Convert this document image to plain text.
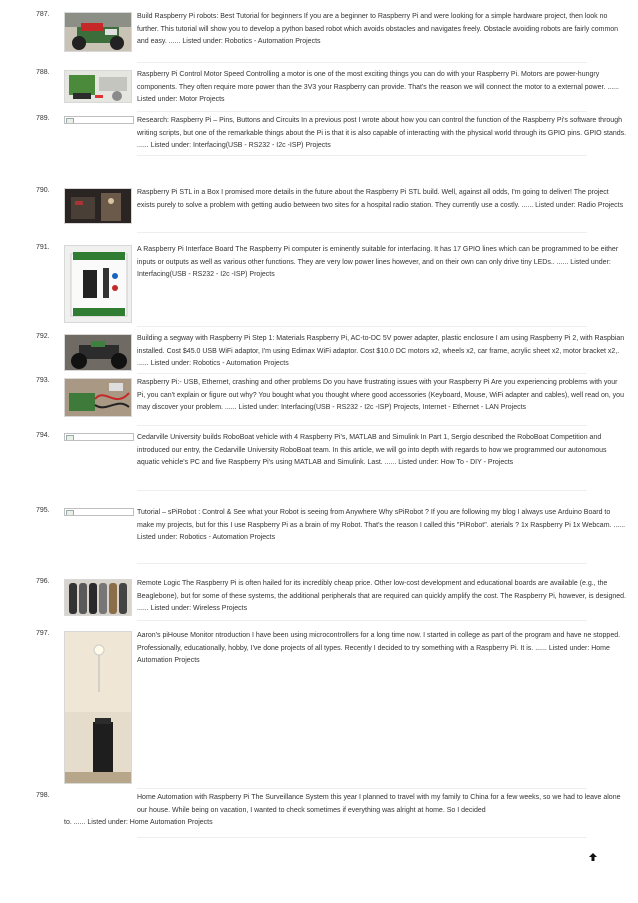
787.	Build Raspberry Pi robots: Best Tutorial for beginners If you are a beginner to Raspberry Pi and were looking for a simple hardware project, then look no further. This tutorial will show you to develop a python based robot which avoids obstacles and navigates freely. Obstacle avoiding robots are fairly common and easy. ...... Listed under: Robotics - Automation Projects
788.	Raspberry Pi Control Motor Speed Controlling a motor is one of the most exciting things you can do with your Raspberry Pi. Motors are power-hungry components. They often require more power than the 3V3 your Raspberry can provide. That's the reason we will connect the motor to a external power. ...... Listed under: Motor Projects
789.	Research: Raspberry Pi – Pins, Buttons and Circuits In a previous post I wrote about how you can control the function of the Raspberry Pi's software through writing scripts, but one of the remarkable things about the Pi is that it is also capable of interacting with the physical world through its GPIO pins. GPIO stands. ...... Listed under: Interfacing(USB - RS232 - I2c -ISP) Projects
790.	Raspberry Pi STL in a Box I promised more details in the future about the Raspberry Pi STL build. Well, against all odds, I'm going to deliver! The project exists purely to solve a problem with getting audio between two sites for a hospital radio station. They currently use a costly. ...... Listed under: Radio Projects
791.	A Raspberry Pi Interface Board The Raspberry Pi computer is eminently suitable for interfacing. It has 17 GPIO lines which can be programmed to be either inputs or outputs as well as various other functions. They are very low power lines however, and on their own can only drive tiny LEDs.. ...... Listed under: Interfacing(USB - RS232 - I2c -ISP) Projects
792.	Building a segway with Raspberry Pi Step 1: Materials Raspberry Pi, AC-to-DC 5V power adapter, plastic enclosure I am using Raspberry Pi 2, with Raspbian installed. Cost $45.0 USB WiFi adaptor, I'm using Edimax WiFi adaptor. Cost $10.0 DC motors x2, wheels x2, car frame, acrylic sheet x2, motor bracket x2,. ...... Listed under: Robotics - Automation Projects
793.	Raspberry Pi:- USB, Ethernet, crashing and other problems Do you have frustrating issues with your Raspberry Pi Are you experiencing problems with your Pi, you can't explain or figure out why? You bought what you thought where good accessories (Keyboard, Mouse, WiFi adapter and cables), well read on, you may discover your problem. ...... Listed under: Interfacing(USB - RS232 - I2c -ISP) Projects, Internet - Ethernet - LAN Projects
794.	Cedarville University builds RoboBoat vehicle with 4 Raspberry Pi's, MATLAB and Simulink In Part 1, Sergio described the RoboBoat Competition and introduced our entry, the Cedarville University RoboBoat team. In this article, we will go into depth with regards to how we programmed our autonomous aquatic vehicle's PC and five Raspberry Pi's using MATLAB and Simulink. Last. ...... Listed under: How To - DIY - Projects
795.	Tutorial – sPiRobot : Control & See what your Robot is seeing from Anywhere Why sPiRobot ? If you are following my blog I always use Arduino Board to make my projects, but for this I use Raspberry Pi as a brain of my Robot. That's the reason I called this "PiRobot". aterials ? 1x Raspberry Pi 1x Webcam. ...... Listed under: Robotics - Automation Projects
796.	Remote Logic The Raspberry Pi is often hailed for its incredibly cheap price. Other low-cost development and educational boards are available (e.g., the Beaglebone), but for some of these systems, the additional peripherals that are required can quickly amplify the cost. The Raspberry Pi, however, is designed. ...... Listed under: Wireless Projects
797.	Aaron's piHouse Monitor ntroduction I have been using microcontrollers for a long time now. I started in college as part of the program and have ne stopped. Professionally, educationally, hobby, I've done projects of all types. Recently I decided to try something with a Raspberry Pi. It is. ...... Listed under: Home Automation Projects
798.	Home Automation with Raspberry Pi The Surveillance System this year I planned to travel with my family to China for a few weeks, so we had to leave alone our house. While being on vacation, I wanted to check sometimes if everything was alright at home. So I decided
to. ...... Listed under: Home Automation Projects
